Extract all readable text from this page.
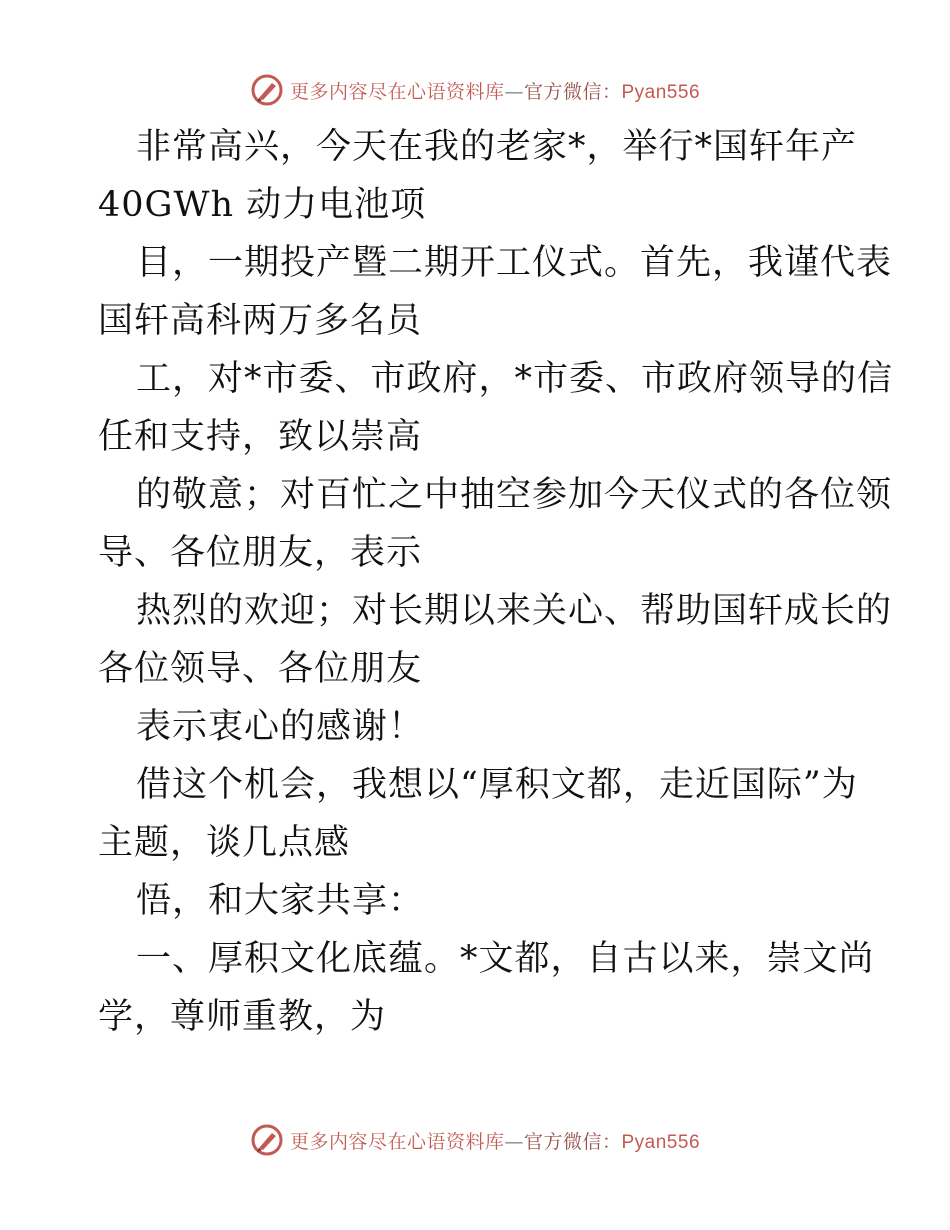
更多内容尽在心语资料库—官方微信：Pyan556
非常高兴，今天在我的老家*，举行*国轩年产
40GWh 动力电池项
目，一期投产暨二期开工仪式。首先，我谨代表
国轩高科两万多名员
工，对*市委、市政府，*市委、市政府领导的信
任和支持，致以崇高
的敬意；对百忙之中抽空参加今天仪式的各位领
导、各位朋友，表示
热烈的欢迎；对长期以来关心、帮助国轩成长的
各位领导、各位朋友
表示衷心的感谢！
借这个机会，我想以“厚积文都，走近国际”为
主题，谈几点感
悟，和大家共享：
一、厚积文化底蕴。*文都，自古以来，崇文尚
学，尊师重教，为
更多内容尽在心语资料库—官方微信：Pyan556
